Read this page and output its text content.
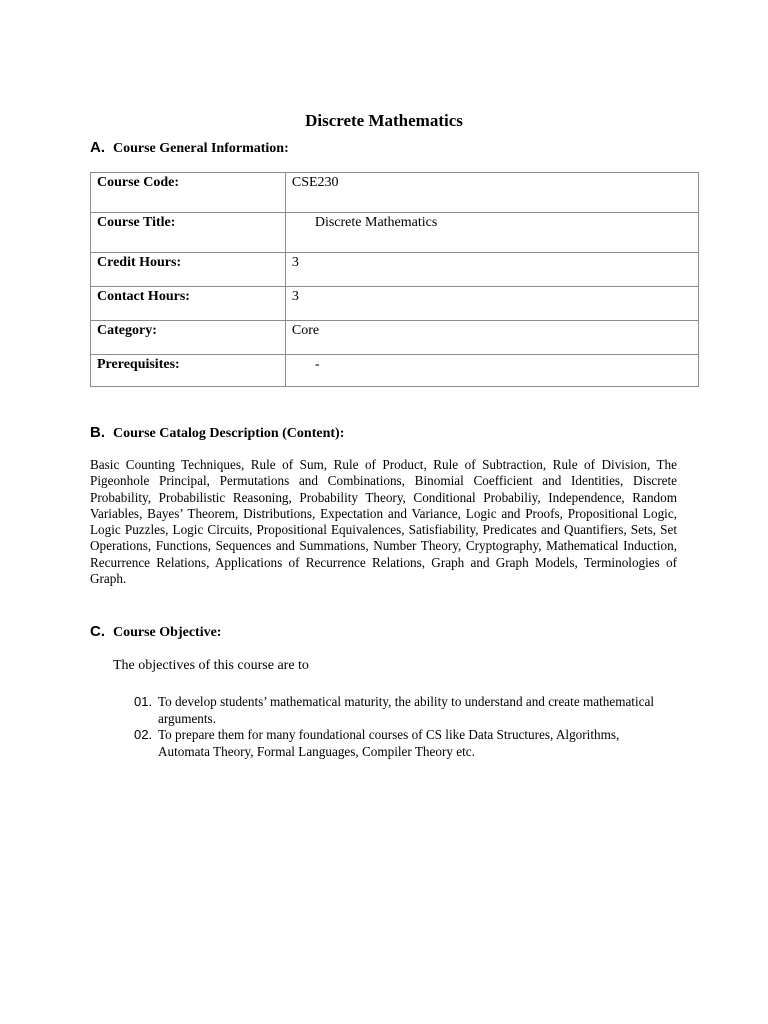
Discrete Mathematics
A. Course General Information:
Course Code:	CSE230
Course Title:	Discrete Mathematics
Credit Hours:	3
Contact Hours:	3
Category:	Core
Prerequisites:	-
B. Course Catalog Description (Content):

Basic Counting Techniques, Rule of Sum, Rule of Product, Rule of Subtraction, Rule of Division, The Pigeonhole Principal, Permutations and Combinations, Binomial Coefficient and Identities, Discrete Probability, Probabilistic Reasoning, Probability Theory, Conditional Probabiliy, Independence, Random Variables, Bayes’ Theorem, Distributions, Expectation and Variance, Logic and Proofs, Propositional Logic, Logic Puzzles, Logic Circuits, Propositional Equivalences, Satisfiability, Predicates and Quantifiers, Sets, Set Operations, Functions, Sequences and Summations, Number Theory, Cryptography, Mathematical Induction, Recurrence Relations, Applications of Recurrence Relations, Graph and Graph Models, Terminologies of Graph.

C. Course Objective:

The objectives of this course are to

01. To develop students’ mathematical maturity, the ability to understand and create mathematical arguments.
02. To prepare them for many foundational courses of CS like Data Structures, Algorithms, Automata Theory, Formal Languages, Compiler Theory etc.
